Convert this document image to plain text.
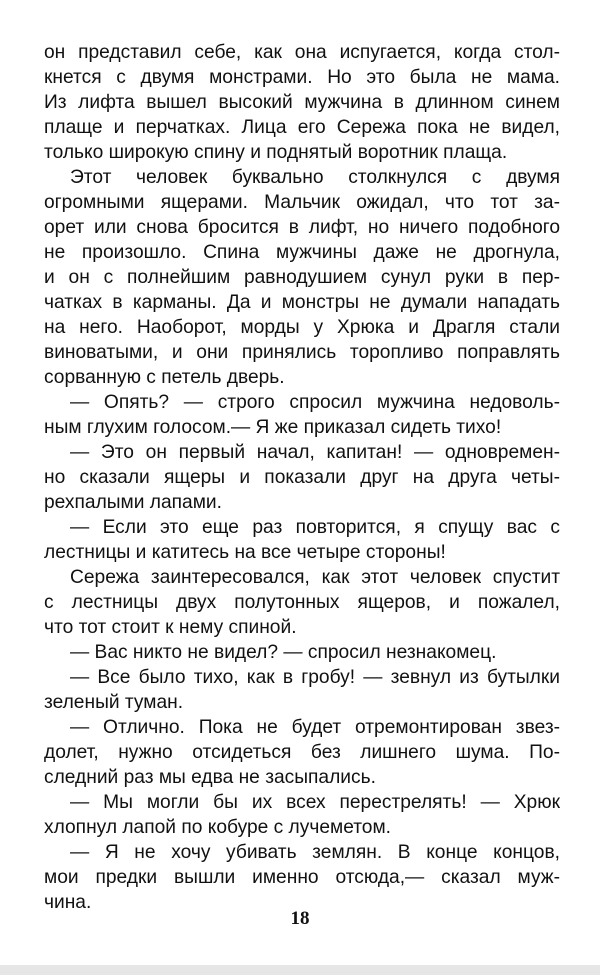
он представил себе, как она испугается, когда стол-
кнется с двумя монстрами. Но это была не мама.
Из лифта вышел высокий мужчина в длинном синем
плаще и перчатках. Лица его Сережа пока не видел,
только широкую спину и поднятый воротник плаща.
Этот человек буквально столкнулся с двумя
огромными ящерами. Мальчик ожидал, что тот за-
орет или снова бросится в лифт, но ничего подобного
не произошло. Спина мужчины даже не дрогнула,
и он с полнейшим равнодушием сунул руки в пер-
чатках в карманы. Да и монстры не думали нападать
на него. Наоборот, морды у Хрюка и Драгля стали
виноватыми, и они принялись торопливо поправлять
сорванную с петель дверь.
— Опять? — строго спросил мужчина недоволь-
ным глухим голосом.— Я же приказал сидеть тихо!
— Это он первый начал, капитан! — одновремен-
но сказали ящеры и показали друг на друга четы-
рехпалыми лапами.
— Если это еще раз повторится, я спущу вас с
лестницы и катитесь на все четыре стороны!
Сережа заинтересовался, как этот человек спустит
с лестницы двух полутонных ящеров, и пожалел,
что тот стоит к нему спиной.
— Вас никто не видел? — спросил незнакомец.
— Все было тихо, как в гробу! — зевнул из бутылки
зеленый туман.
— Отлично. Пока не будет отремонтирован звез-
долет, нужно отсидеться без лишнего шума. По-
следний раз мы едва не засыпались.
— Мы могли бы их всех перестрелять! — Хрюк
хлопнул лапой по кобуре с лучеметом.
— Я не хочу убивать землян. В конце концов,
мои предки вышли именно отсюда,— сказал муж-
чина.
18
